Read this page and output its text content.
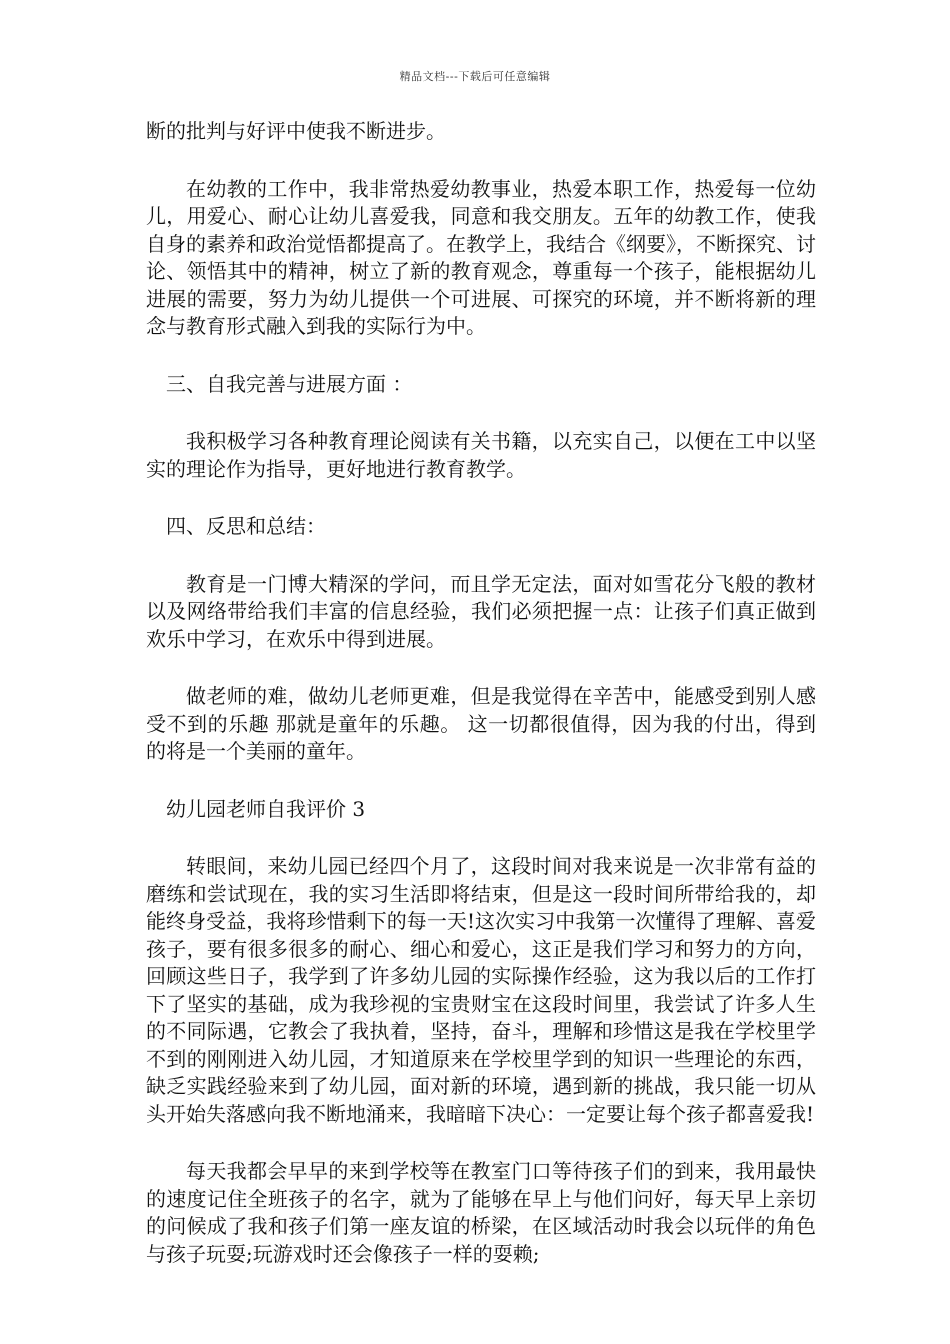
精品文档---下载后可任意编辑

断的批判与好评中使我不断进步。

在幼教的工作中，我非常热爱幼教事业，热爱本职工作，热爱每一位幼儿，用爱心、耐心让幼儿喜爱我，同意和我交朋友。五年的幼教工作，使我自身的素养和政治觉悟都提高了。在教学上，我结合《纲要》，不断探究、讨论、领悟其中的精神，树立了新的教育观念，尊重每一个孩子，能根据幼儿进展的需要，努力为幼儿提供一个可进展、可探究的环境，并不断将新的理念与教育形式融入到我的实际行为中。

三、自我完善与进展方面 ：

我积极学习各种教育理论阅读有关书籍，以充实自己，以便在工中以坚实的理论作为指导，更好地进行教育教学。

四、反思和总结：

教育是一门博大精深的学问，而且学无定法，面对如雪花分飞般的教材以及网络带给我们丰富的信息经验，我们必须把握一点：让孩子们真正做到欢乐中学习，在欢乐中得到进展。

做老师的难，做幼儿老师更难，但是我觉得在辛苦中，能感受到别人感受不到的乐趣 那就是童年的乐趣。 这一切都很值得，因为我的付出，得到的将是一个美丽的童年。

幼儿园老师自我评价 3

转眼间，来幼儿园已经四个月了，这段时间对我来说是一次非常有益的磨练和尝试现在，我的实习生活即将结束，但是这一段时间所带给我的，却能终身受益，我将珍惜剩下的每一天!这次实习中我第一次懂得了理解、喜爱孩子，要有很多很多的耐心、细心和爱心，这正是我们学习和努力的方向，回顾这些日子，我学到了许多幼儿园的实际操作经验，这为我以后的工作打下了坚实的基础，成为我珍视的宝贵财宝在这段时间里，我尝试了许多人生的不同际遇，它教会了我执着，坚持，奋斗，理解和珍惜这是我在学校里学不到的刚刚进入幼儿园，才知道原来在学校里学到的知识一些理论的东西，缺乏实践经验来到了幼儿园，面对新的环境，遇到新的挑战，我只能一切从头开始失落感向我不断地涌来，我暗暗下决心：一定要让每个孩子都喜爱我!

每天我都会早早的来到学校等在教室门口等待孩子们的到来，我用最快的速度记住全班孩子的名字，就为了能够在早上与他们问好，每天早上亲切的问候成了我和孩子们第一座友谊的桥梁，在区域活动时我会以玩伴的角色与孩子玩耍;玩游戏时还会像孩子一样的耍赖;
